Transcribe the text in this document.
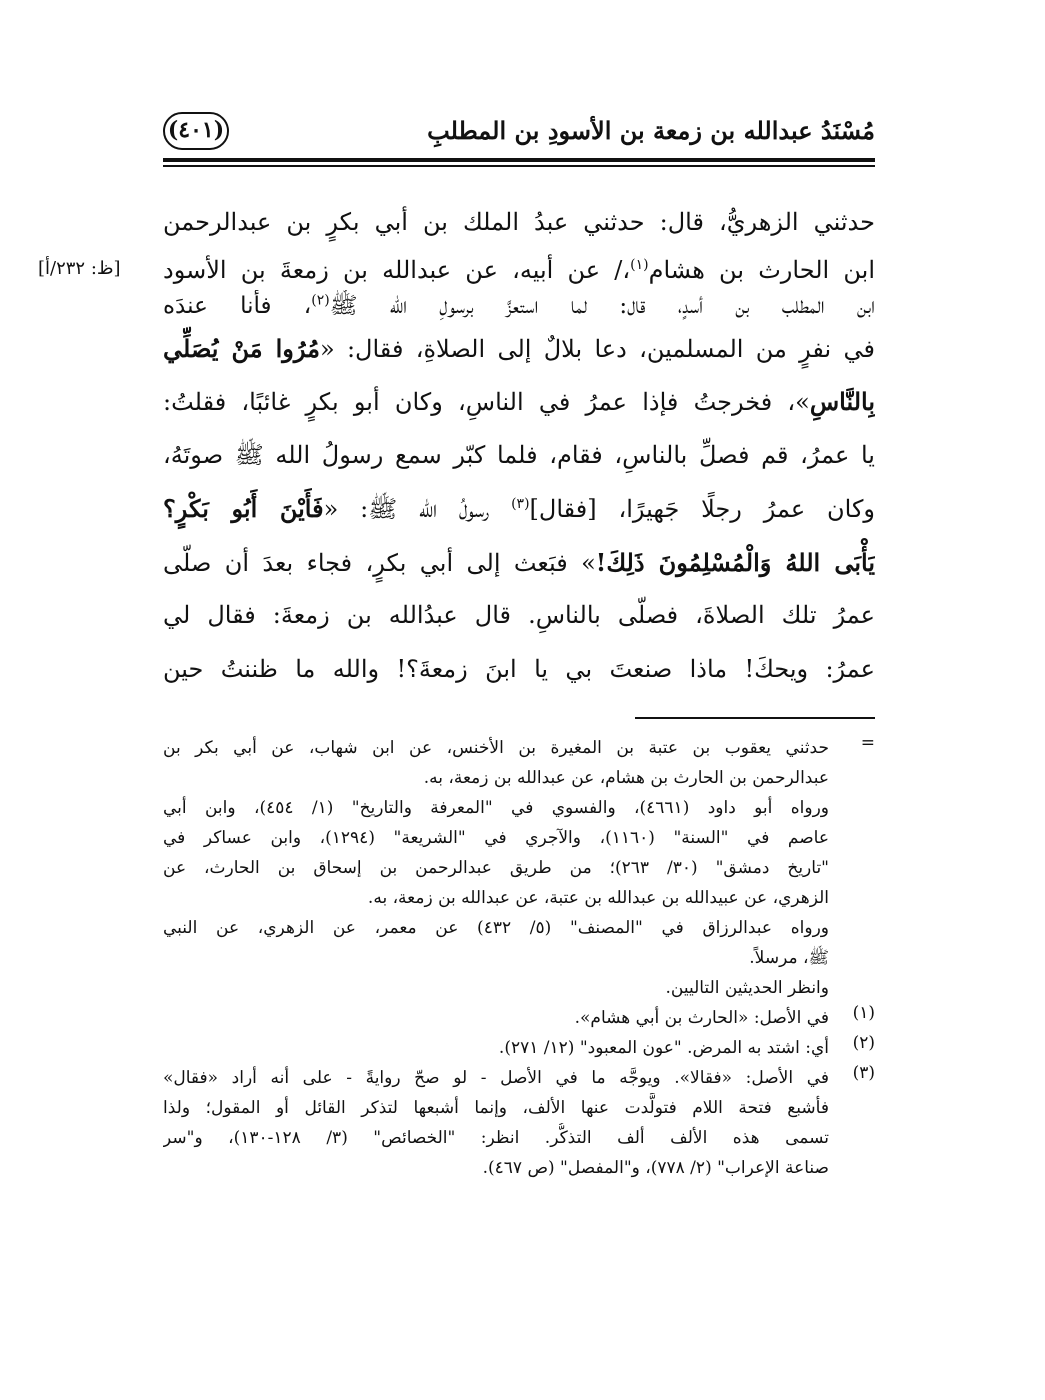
مُسْنَدُ عبدالله بن زمعة بن الأسودِ بن المطلبِ
(٤٠١)
[ظ: ٢٣٢/أ]
حدثني الزهريُّ، قال: حدثني عبدُ الملك بن أبي بكرٍ بن عبدالرحمن
ابن الحارث بن هشام$^{(١)}$،/ عن أبيه، عن عبدالله بن زمعةَ بن الأسود
ابن المطلب بن أسدٍ، قال: لما استعزَّ برسولِ الله ﷺ$^{(٢)}$، فأنا عندَه
في نفرٍ من المسلمين، دعا بلالٌ إلى الصلاةِ، فقال: «مُرُوا مَنْ يُصَلِّي
بِالنَّاسِ»، فخرجتُ فإذا عمرُ في الناسِ، وكان أبو بكرٍ غائبًا، فقلتُ:
يا عمرُ، قم فصلِّ بالناسِ، فقام، فلما كبّر سمع رسولُ الله ﷺ صوتَهُ،
وكان عمرُ رجلًا جَهيرًا، [فقال]$^{(٣)}$ رسولُ الله ﷺ: «فَأَيْنَ أَبُو بَكْرٍ؟
يَأْبَى اللهُ وَالْمُسْلِمُونَ ذَلِكَ!» فبَعث إلى أبي بكرٍ، فجاء بعدَ أن صلّى
عمرُ تلك الصلاةَ، فصلّى بالناسِ. قال عبدُالله بن زمعةَ: فقال لي
عمرُ: ويحكَ! ماذا صنعتَ بي يا ابنَ زمعةَ؟! والله ما ظننتُ حين
=
حدثني يعقوب بن عتبة بن المغيرة بن الأخنس، عن ابن شهاب، عن أبي بكر بن
عبدالرحمن بن الحارث بن هشام، عن عبدالله بن زمعة، به.
ورواه أبو داود (٤٦٦١)، والفسوي في "المعرفة والتاريخ" (١/ ٤٥٤)، وابن أبي
عاصم في "السنة" (١١٦٠)، والآجري في "الشريعة" (١٢٩٤)، وابن عساكر في
"تاريخ دمشق" (٣٠/ ٢٦٣)؛ من طريق عبدالرحمن بن إسحاق بن الحارث، عن
الزهري، عن عبيدالله بن عبدالله بن عتبة، عن عبدالله بن زمعة، به.
ورواه عبدالرزاق في "المصنف" (٥/ ٤٣٢) عن معمر، عن الزهري، عن النبي
ﷺ، مرسلاً.
وانظر الحديثين التاليين.
(١)
في الأصل: «الحارث بن أبي هشام».
(٢)
أي: اشتد به المرض. "عون المعبود" (١٢/ ٢٧١).
(٣)
في الأصل: «فقالا». ويوجَّه ما في الأصل - لو صحّ روايةً - على أنه أراد «فقال»
فأشبع فتحة اللام فتولَّدت عنها الألف، وإنما أشبعها لتذكر القائل أو المقول؛ ولذا
تسمى هذه الألف ألف التذكُّر. انظر: "الخصائص" (٣/ ١٢٨-١٣٠)، و"سر
صناعة الإعراب" (٢/ ٧٧٨)، و"المفصل" (ص ٤٦٧).
